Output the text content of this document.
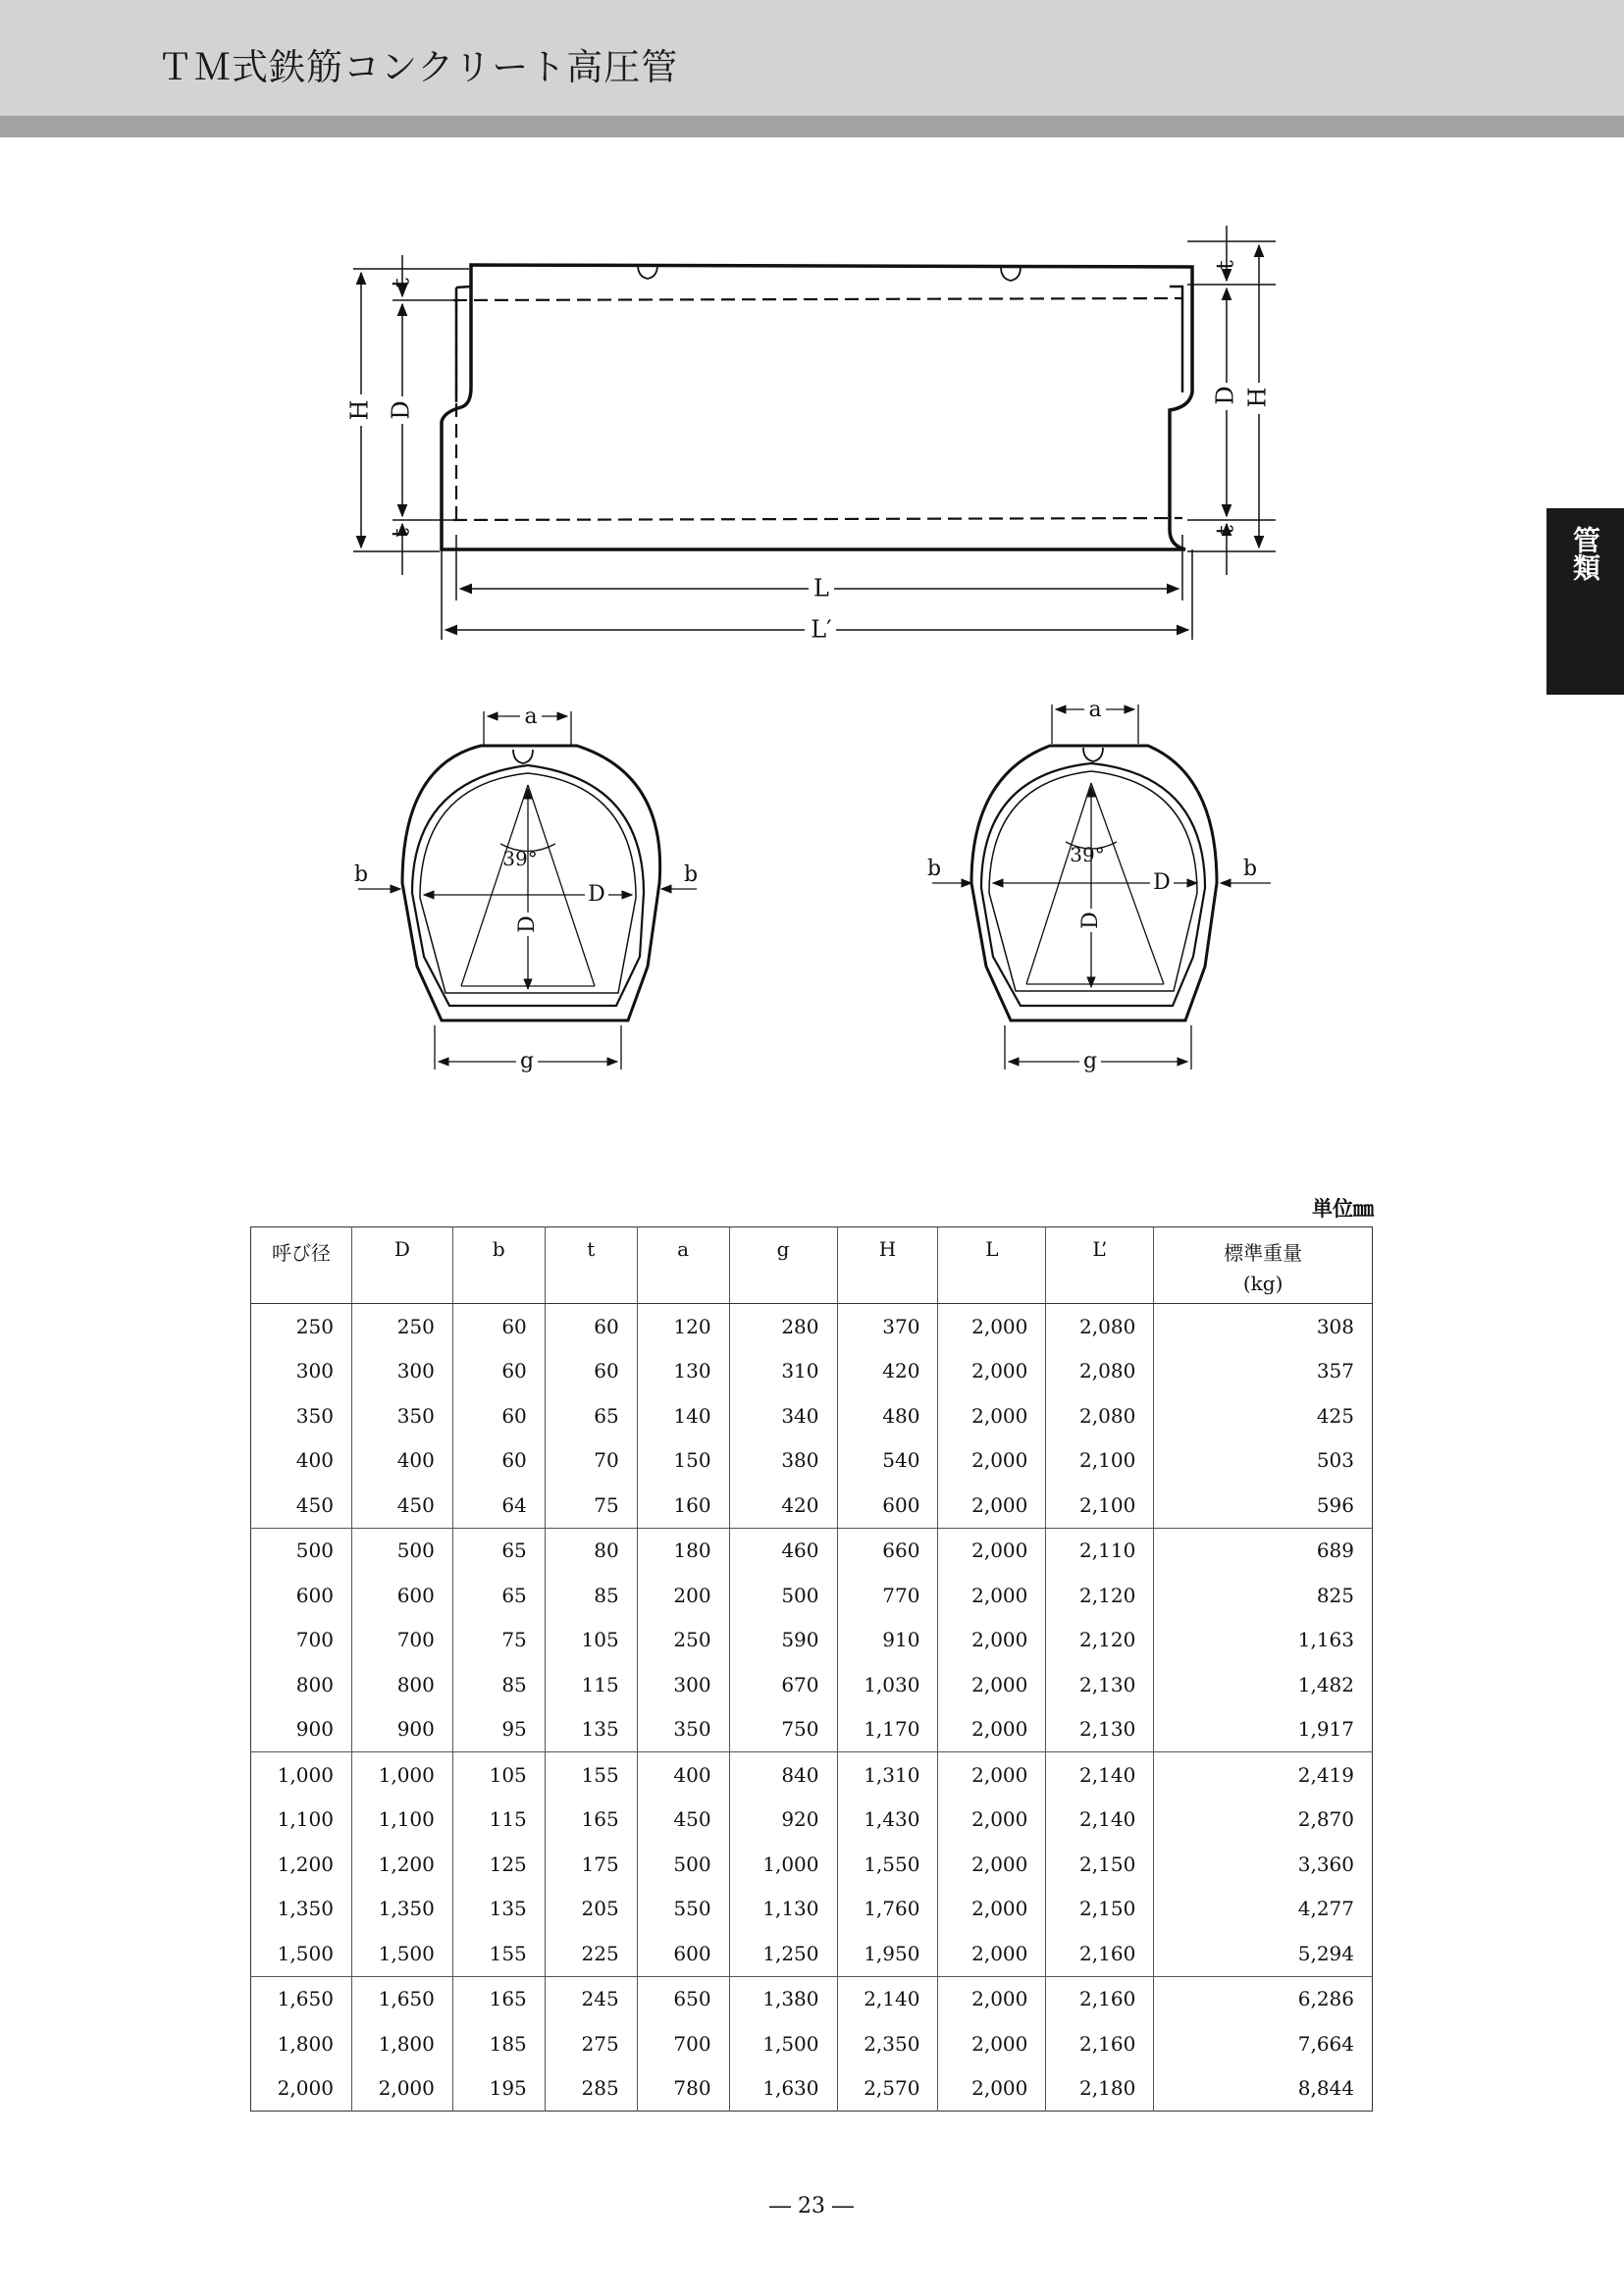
ＴＭ式鉄筋コンクリート高圧管
管類
H D
t
t
H
D
t
t
L
L′
a
b	b
D
D
39°
g
a
b	b
D
D
39°
g
単位㎜
呼び径	D	b	t	a	g	H	L	L’	標準重量
(kg)

250	250	60	60	120	280	370	2,000	2,080	308
300	300	60	60	130	310	420	2,000	2,080	357
350	350	60	65	140	340	480	2,000	2,080	425
400	400	60	70	150	380	540	2,000	2,100	503
450	450	64	75	160	420	600	2,000	2,100	596
500	500	65	80	180	460	660	2,000	2,110	689
600	600	65	85	200	500	770	2,000	2,120	825
700	700	75	105	250	590	910	2,000	2,120	1,163
800	800	85	115	300	670	1,030	2,000	2,130	1,482
900	900	95	135	350	750	1,170	2,000	2,130	1,917
1,000	1,000	105	155	400	840	1,310	2,000	2,140	2,419
1,100	1,100	115	165	450	920	1,430	2,000	2,140	2,870
1,200	1,200	125	175	500	1,000	1,550	2,000	2,150	3,360
1,350	1,350	135	205	550	1,130	1,760	2,000	2,150	4,277
1,500	1,500	155	225	600	1,250	1,950	2,000	2,160	5,294
1,650	1,650	165	245	650	1,380	2,140	2,000	2,160	6,286
1,800	1,800	185	275	700	1,500	2,350	2,000	2,160	7,664
2,000	2,000	195	285	780	1,630	2,570	2,000	2,180	8,844
― 23 ―
